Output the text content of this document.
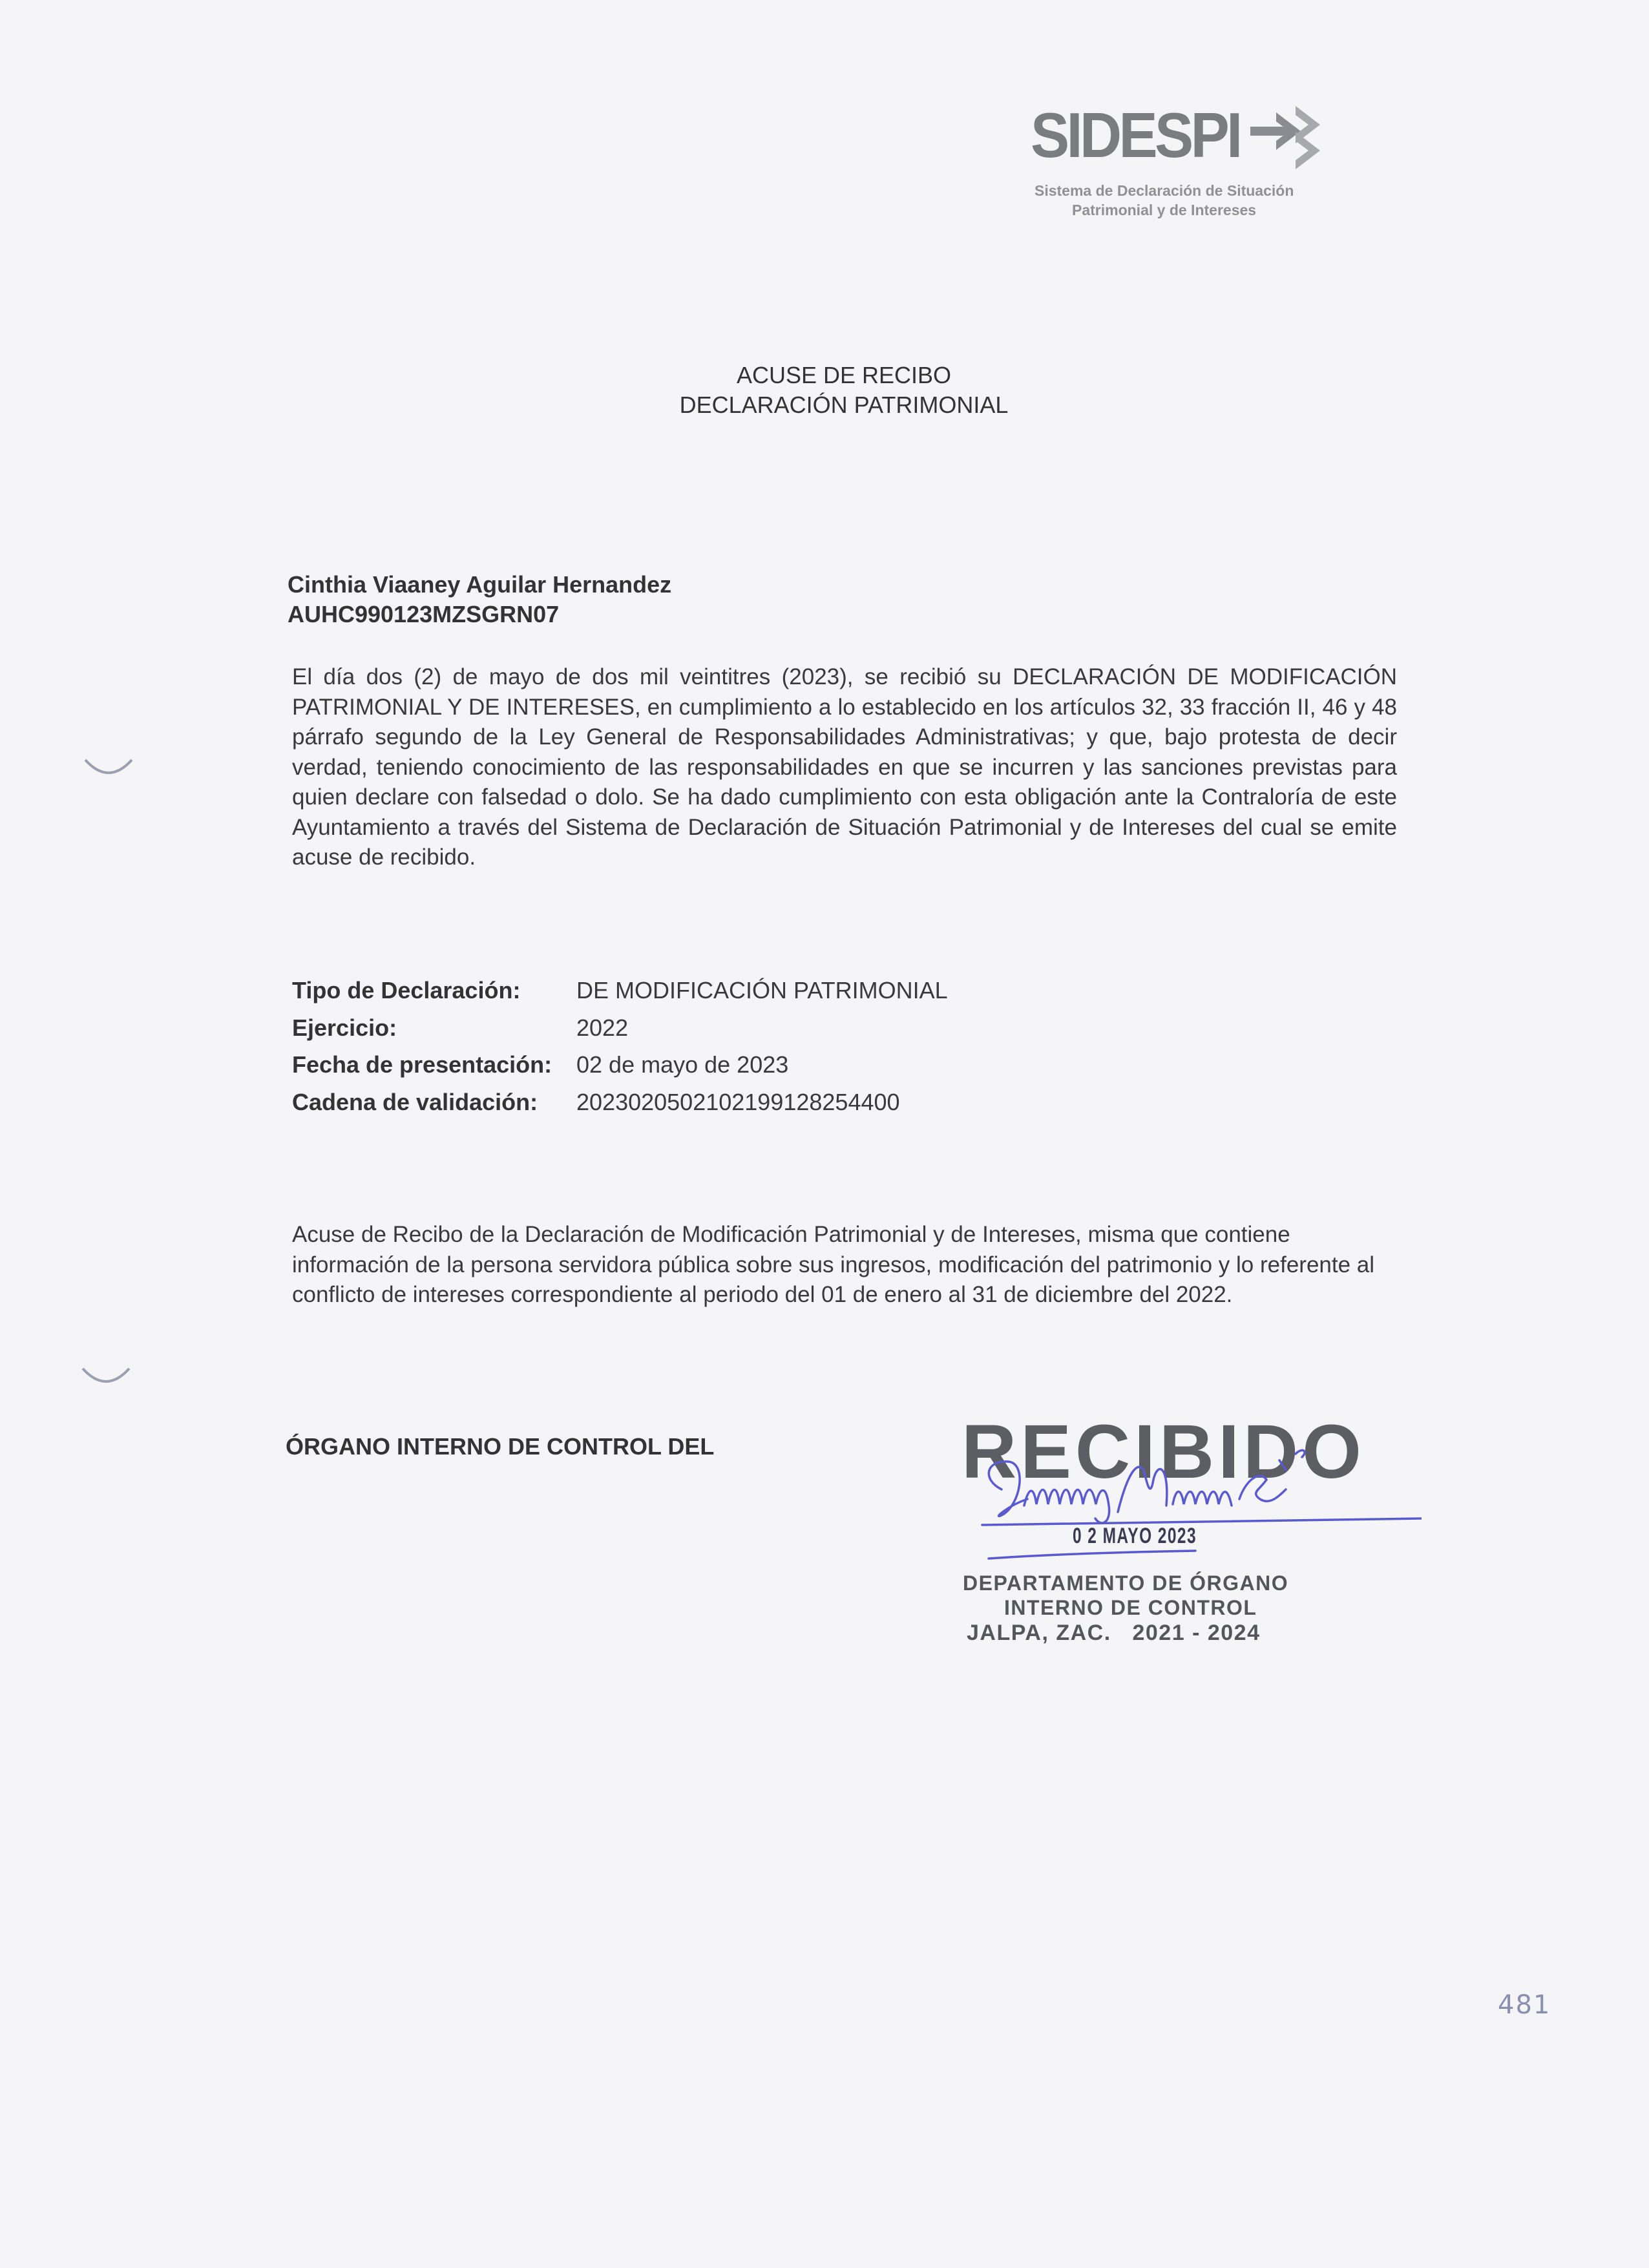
SIDESPI
Sistema de Declaración de Situación
Patrimonial y de Intereses
ACUSE DE RECIBO
DECLARACIÓN PATRIMONIAL
Cinthia Viaaney Aguilar Hernandez
AUHC990123MZSGRN07
El día dos (2) de mayo de dos mil veintitres (2023), se recibió su DECLARACIÓN DE MODIFICACIÓN PATRIMONIAL Y DE INTERESES, en cumplimiento a lo establecido en los artículos 32, 33 fracción II, 46 y 48 párrafo segundo de la Ley General de Responsabilidades Administrativas; y que, bajo protesta de decir verdad, teniendo conocimiento de las responsabilidades en que se incurren y las sanciones previstas para quien declare con falsedad o dolo. Se ha dado cumplimiento con esta obligación ante la Contraloría de este Ayuntamiento a través del Sistema de Declaración de Situación Patrimonial y de Intereses del cual se emite acuse de recibido.
Tipo de Declaración: DE MODIFICACIÓN PATRIMONIAL
Ejercicio:	2022
Fecha de presentación: 02 de mayo de 2023
Cadena de validación: 20230205021021991282544​00
Acuse de Recibo de la Declaración de Modificación Patrimonial y de Intereses, misma que contiene información de la persona servidora pública sobre sus ingresos, modificación del patrimonio y lo referente al conflicto de intereses correspondiente al periodo del 01 de enero al 31 de diciembre del 2022.
ÓRGANO INTERNO DE CONTROL DEL	RECIBIDO
0 2 MAYO 2023
DEPARTAMENTO DE ÓRGANO
INTERNO DE CONTROL
JALPA, ZAC.   2021 - 2024
481
